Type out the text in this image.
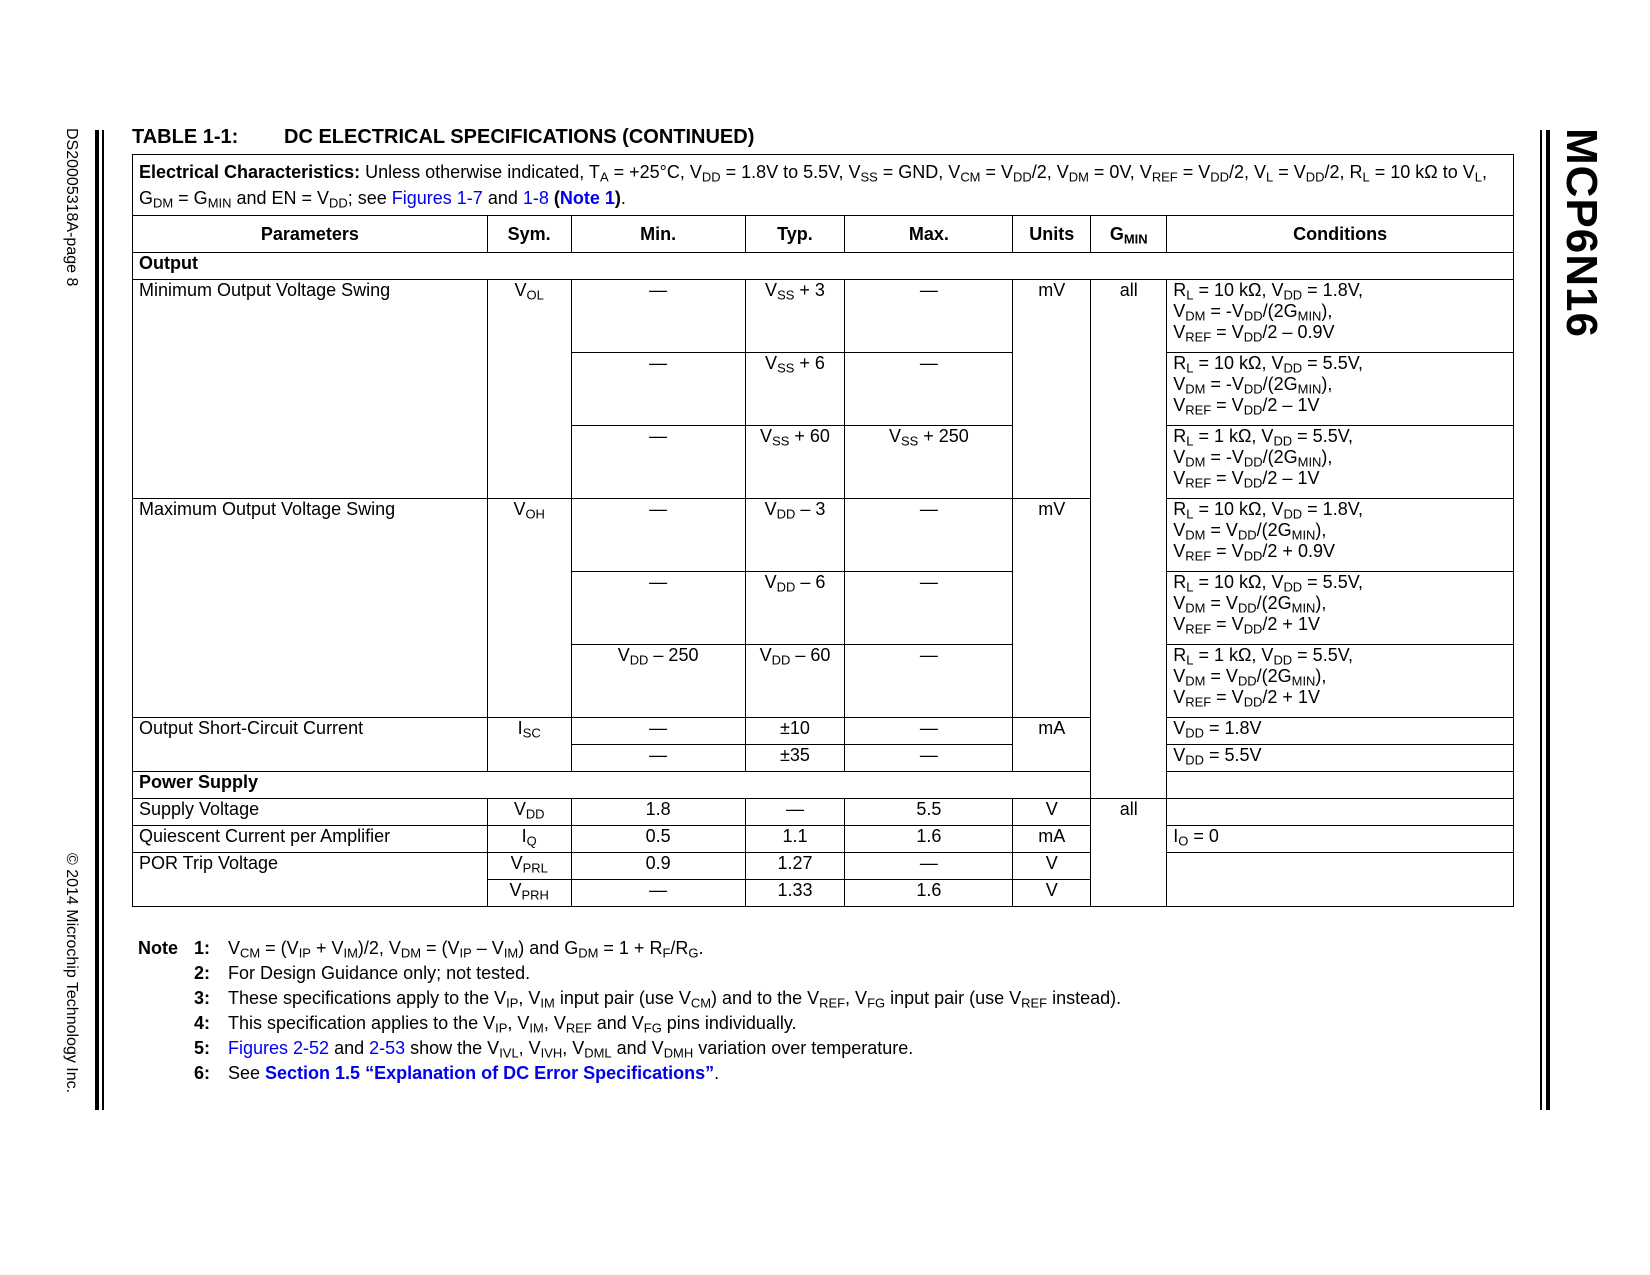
DS20005318A-page 8
© 2014 Microchip Technology Inc.
MCP6N16
TABLE 1-1: DC ELECTRICAL SPECIFICATIONS (CONTINUED)
Electrical Characteristics: Unless otherwise indicated, $T_A = +25^\circ C$, $V_{DD} = 1.8V$ to 5.5V, $V_{SS}$ = GND, $V_{CM} = V_{DD}/2$, $V_{DM} = 0V$, $V_{REF} = V_{DD}/2$, $V_L = V_{DD}/2$, $R_L = 10$ kΩ to $V_L$, $G_{DM} = G_{MIN}$ and EN = $V_{DD}$; see Figures 1-7 and 1-8 (Note 1).							
Parameters	Sym.	Min.	Typ.	Max.	Units	$G_{MIN}$	Conditions
Output							
Minimum Output Voltage Swing	$V_{OL}$	—	$V_{SS} + 3$	—	mV	all	$R_L = 10$ kΩ, $V_{DD} = 1.8V$,
$V_{DM} = -V_{DD}/(2G_{MIN})$,
$V_{REF} = V_{DD}/2 - 0.9V$
		—	$V_{SS} + 6$	—			$R_L = 10$ kΩ, $V_{DD} = 5.5V$,
$V_{DM} = -V_{DD}/(2G_{MIN})$,
$V_{REF} = V_{DD}/2 - 1V$
		—	$V_{SS} + 60$	$V_{SS} + 250$			$R_L = 1$ kΩ, $V_{DD} = 5.5V$,
$V_{DM} = -V_{DD}/(2G_{MIN})$,
$V_{REF} = V_{DD}/2 - 1V$
Maximum Output Voltage Swing	$V_{OH}$	—	$V_{DD} - 3$	—	mV		$R_L = 10$ kΩ, $V_{DD} = 1.8V$,
$V_{DM} = V_{DD}/(2G_{MIN})$,
$V_{REF} = V_{DD}/2 + 0.9V$
		—	$V_{DD} - 6$	—			$R_L = 10$ kΩ, $V_{DD} = 5.5V$,
$V_{DM} = V_{DD}/(2G_{MIN})$,
$V_{REF} = V_{DD}/2 + 1V$
		$V_{DD} - 250$	$V_{DD} - 60$	—			$R_L = 1$ kΩ, $V_{DD} = 5.5V$,
$V_{DM} = V_{DD}/(2G_{MIN})$,
$V_{REF} = V_{DD}/2 + 1V$
Output Short-Circuit Current	$I_{SC}$	—	±10	—	mA		$V_{DD} = 1.8V$
		—	±35	—			$V_{DD} = 5.5V$
Power Supply							
Supply Voltage	$V_{DD}$	1.8	—	5.5	V	all	
Quiescent Current per Amplifier	$I_Q$	0.5	1.1	1.6	mA		$I_O = 0$
POR Trip Voltage	$V_{PRL}$	0.9	1.27	—	V		
	$V_{PRH}$	—	1.33	1.6	V		
Note 1: $V_{CM} = (V_{IP} + V_{IM})/2$, $V_{DM} = (V_{IP} - V_{IM})$ and $G_{DM} = 1 + R_F/R_G$.
2: For Design Guidance only; not tested.
3: These specifications apply to the $V_{IP}$, $V_{IM}$ input pair (use $V_{CM}$) and to the $V_{REF}$, $V_{FG}$ input pair (use $V_{REF}$ instead).
4: This specification applies to the $V_{IP}$, $V_{IM}$, $V_{REF}$ and $V_{FG}$ pins individually.
5: Figures 2-52 and 2-53 show the $V_{IVL}$, $V_{IVH}$, $V_{DML}$ and $V_{DMH}$ variation over temperature.
6: See Section 1.5 “Explanation of DC Error Specifications”.
